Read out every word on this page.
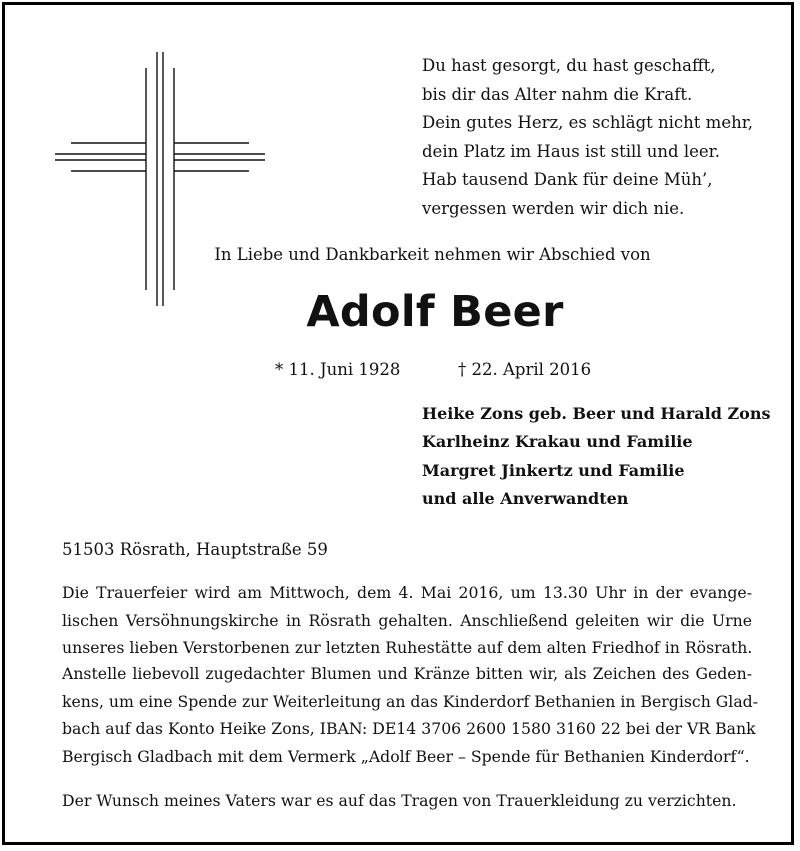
Du hast gesorgt, du hast geschafft,
bis dir das Alter nahm die Kraft.
Dein gutes Herz, es schlägt nicht mehr,
dein Platz im Haus ist still und leer.
Hab tausend Dank für deine Müh’,
vergessen werden wir dich nie.
In Liebe und Dankbarkeit nehmen wir Abschied von
Adolf Beer
* 11. Juni 1928	† 22. April 2016
Heike Zons geb. Beer und Harald Zons
Karlheinz Krakau und Familie
Margret Jinkertz und Familie
und alle Anverwandten
51503 Rösrath, Hauptstraße 59
Die Trauerfeier wird am Mittwoch, dem 4. Mai 2016, um 13.30 Uhr in der evange-
lischen Versöhnungskirche in Rösrath gehalten. Anschließend geleiten wir die Urne
unseres lieben Verstorbenen zur letzten Ruhestätte auf dem alten Friedhof in Rösrath.
Anstelle liebevoll zugedachter Blumen und Kränze bitten wir, als Zeichen des Geden-
kens, um eine Spende zur Weiterleitung an das Kinderdorf Bethanien in Bergisch Glad-
bach auf das Konto Heike Zons, IBAN: DE14 3706 2600 1580 3160 22 bei der VR Bank
Bergisch Gladbach mit dem Vermerk „Adolf Beer – Spende für Bethanien Kinderdorf“.
Der Wunsch meines Vaters war es auf das Tragen von Trauerkleidung zu verzichten.
